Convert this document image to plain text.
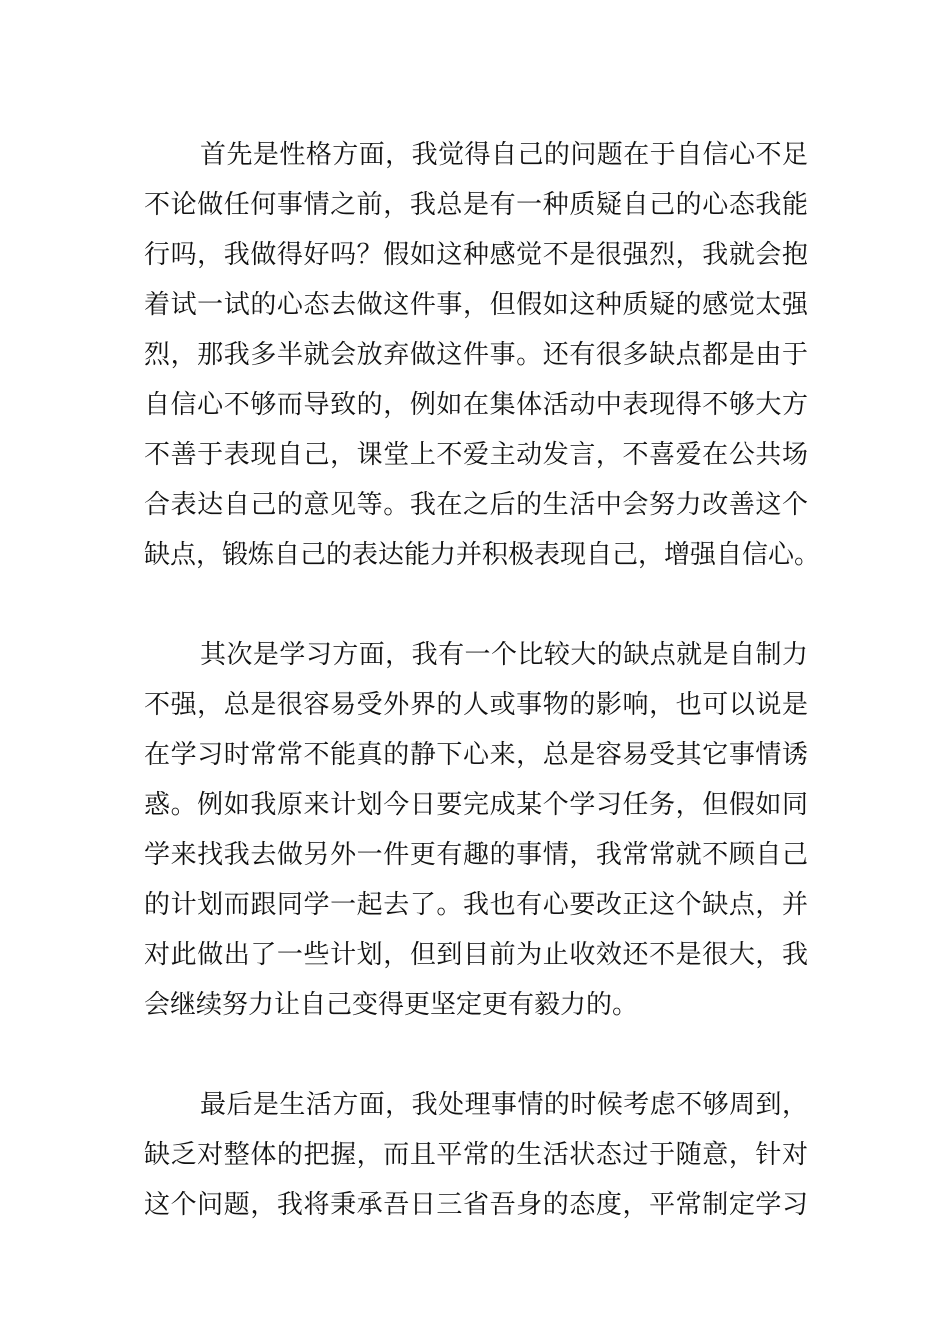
首先是性格方面，我觉得自己的问题在于自信心不足
不论做任何事情之前，我总是有一种质疑自己的心态我能
行吗，我做得好吗？假如这种感觉不是很强烈，我就会抱
着试一试的心态去做这件事，但假如这种质疑的感觉太强
烈，那我多半就会放弃做这件事。还有很多缺点都是由于
自信心不够而导致的，例如在集体活动中表现得不够大方
不善于表现自己，课堂上不爱主动发言，不喜爱在公共场
合表达自己的意见等。我在之后的生活中会努力改善这个
缺点，锻炼自己的表达能力并积极表现自己，增强自信心。
其次是学习方面，我有一个比较大的缺点就是自制力
不强，总是很容易受外界的人或事物的影响，也可以说是
在学习时常常不能真的静下心来，总是容易受其它事情诱
惑。例如我原来计划今日要完成某个学习任务，但假如同
学来找我去做另外一件更有趣的事情，我常常就不顾自己
的计划而跟同学一起去了。我也有心要改正这个缺点，并
对此做出了一些计划，但到目前为止收效还不是很大，我
会继续努力让自己变得更坚定更有毅力的。
最后是生活方面，我处理事情的时候考虑不够周到，
缺乏对整体的把握，而且平常的生活状态过于随意，针对
这个问题，我将秉承吾日三省吾身的态度，平常制定学习
